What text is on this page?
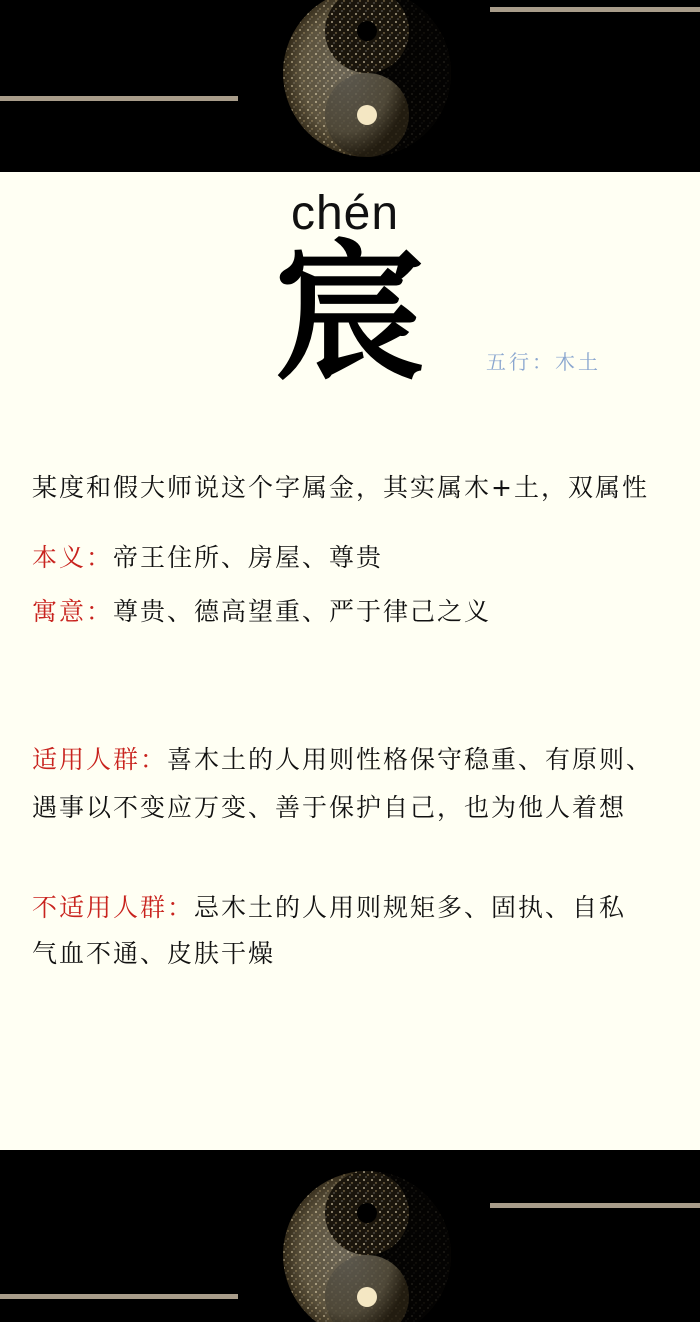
chén
宸	五行：木土
某度和假大师说这个字属金，其实属木+土，双属性
本义：帝王住所、房屋、尊贵
寓意：尊贵、德高望重、严于律己之义
适用人群：喜木土的人用则性格保守稳重、有原则、
遇事以不变应万变、善于保护自己，也为他人着想
不适用人群：忌木土的人用则规矩多、固执、自私
气血不通、皮肤干燥
